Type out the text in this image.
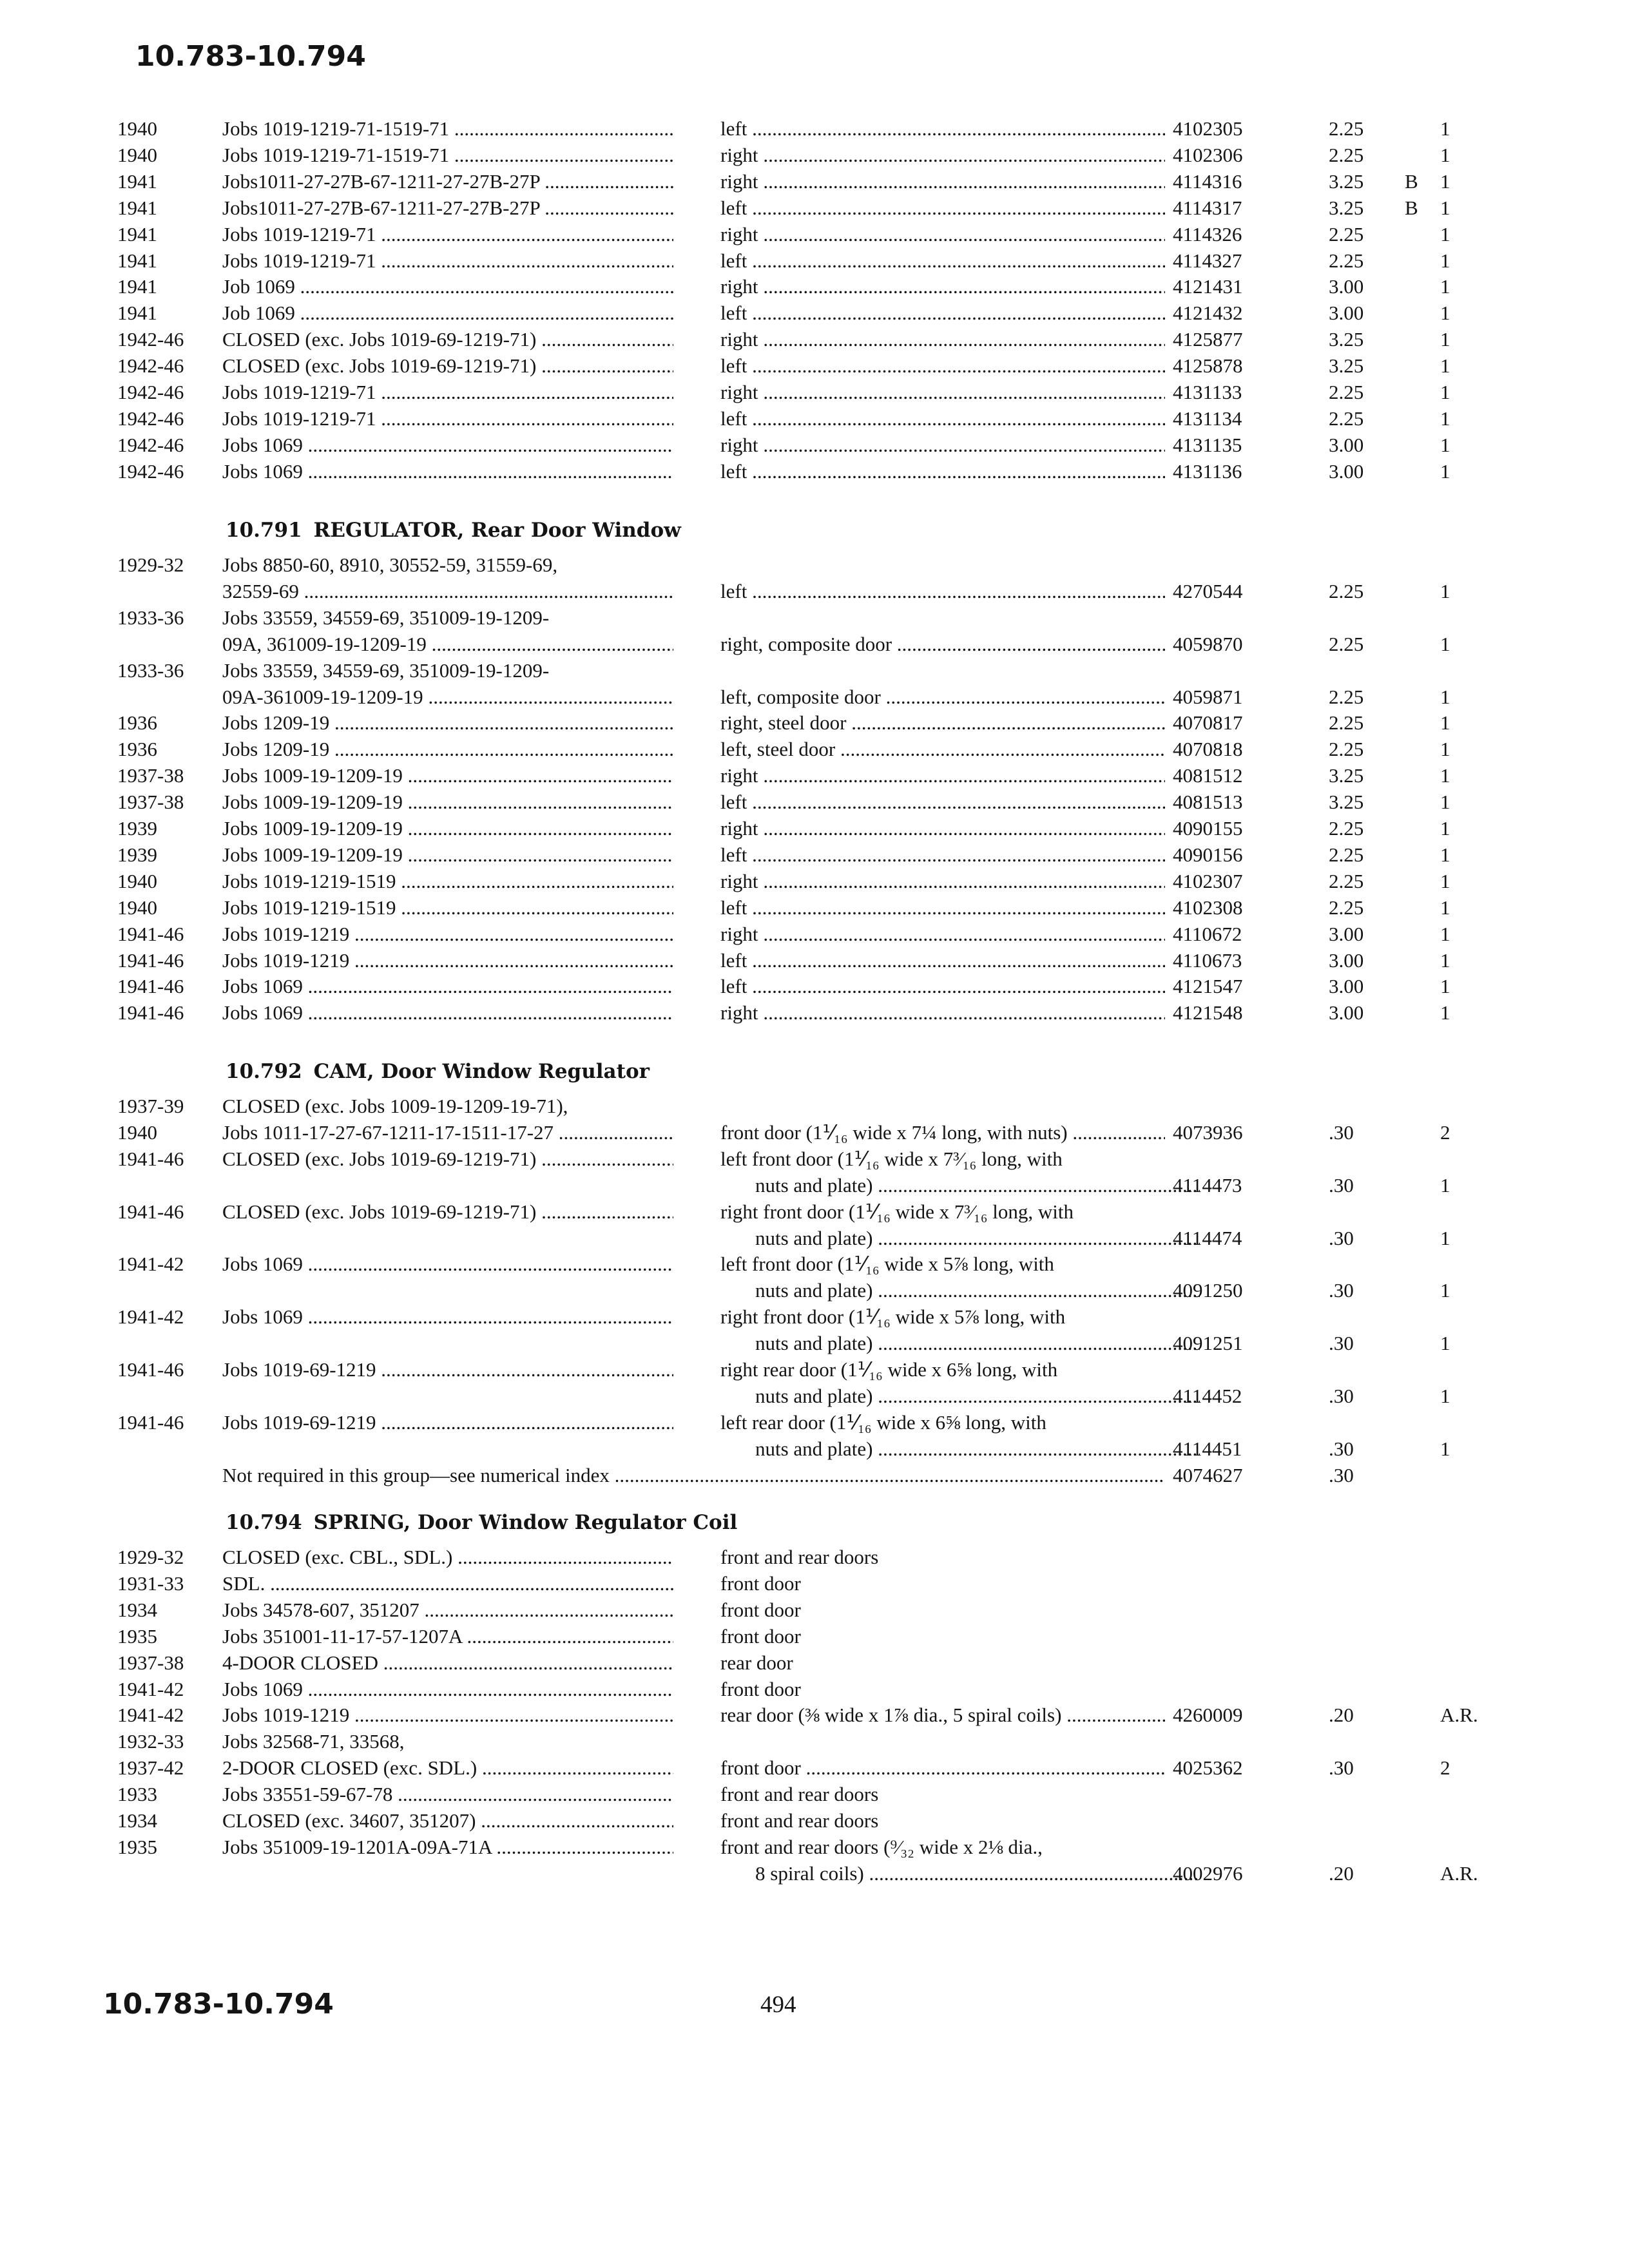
10.783-10.794
1940	Jobs 1019-1219-71-1519-71 .....	left .....	4102305	2.25	1
1940	Jobs 1019-1219-71-1519-71 .....	right .....	4102306	2.25	1
1941	Jobs1011-27-27B-67-1211-27-27B-27P .....	right .....	4114316	3.25 B 1
1941	Jobs1011-27-27B-67-1211-27-27B-27P .....	left .....	4114317	3.25 B 1
1941	Jobs 1019-1219-71 .....	right .....	4114326	2.25	1
1941	Jobs 1019-1219-71 .....	left .....	4114327	2.25	1
1941	Job 1069 .....	right .....	4121431	3.00	1
1941	Job 1069 .....	left .....	4121432	3.00	1
1942-46 CLOSED (exc. Jobs 1019-69-1219-71) .....	right .....	4125877	3.25	1
1942-46 CLOSED (exc. Jobs 1019-69-1219-71) .....	left .....	4125878	3.25	1
1942-46 Jobs 1019-1219-71 .....	right .....	4131133	2.25	1
1942-46 Jobs 1019-1219-71 .....	left .....	4131134	2.25	1
1942-46 Jobs 1069 .....	right .....	4131135	3.00	1
1942-46 Jobs 1069 .....	left .....	4131136	3.00	1
10.791 REGULATOR, Rear Door Window
1929-32 Jobs 8850-60, 8910, 30552-59, 31559-69,
32559-69 .....	left .....	4270544	2.25	1
1933-36 Jobs 33559, 34559-69, 351009-19-1209-
09A, 361009-19-1209-19 .....	right, composite door .....	4059870	2.25	1
1933-36 Jobs 33559, 34559-69, 351009-19-1209-
09A-361009-19-1209-19 .....	left, composite door .....	4059871	2.25	1
1936	Jobs 1209-19 .....	right, steel door .....	4070817	2.25	1
1936	Jobs 1209-19 .....	left, steel door .....	4070818	2.25	1
1937-38 Jobs 1009-19-1209-19 .....	right .....	4081512	3.25	1
1937-38 Jobs 1009-19-1209-19 .....	left .....	4081513	3.25	1
1939	Jobs 1009-19-1209-19 .....	right .....	4090155	2.25	1
1939	Jobs 1009-19-1209-19 .....	left .....	4090156	2.25	1
1940	Jobs 1019-1219-1519 .....	right .....	4102307	2.25	1
1940	Jobs 1019-1219-1519 .....	left .....	4102308	2.25	1
1941-46 Jobs 1019-1219 .....	right .....	4110672	3.00	1
1941-46 Jobs 1019-1219 .....	left .....	4110673	3.00	1
1941-46 Jobs 1069 .....	left .....	4121547	3.00	1
1941-46 Jobs 1069 .....	right .....	4121548	3.00	1
10.792 CAM, Door Window Regulator
1937-39 CLOSED (exc. Jobs 1009-19-1209-19-71),
1940	Jobs 1011-17-27-67-1211-17-1511-17-27 .....	front door (1⅟₁₆ wide x 7¼ long, with nuts) .....	4073936	.30	2
1941-46 CLOSED (exc. Jobs 1019-69-1219-71) .....	left front door (1⅟₁₆ wide x 7³⁄₁₆ long, with
nuts and plate) .....	4114473	.30	1
1941-46 CLOSED (exc. Jobs 1019-69-1219-71) .....	right front door (1⅟₁₆ wide x 7³⁄₁₆ long, with
nuts and plate) .....	4114474	.30	1
1941-42 Jobs 1069 .....	left front door (1⅟₁₆ wide x 5⅞ long, with
nuts and plate) .....	4091250	.30	1
1941-42 Jobs 1069 .....	right front door (1⅟₁₆ wide x 5⅞ long, with
nuts and plate) .....	4091251	.30	1
1941-46 Jobs 1019-69-1219 .....	right rear door (1⅟₁₆ wide x 6⅝ long, with
nuts and plate) .....	4114452	.30	1
1941-46 Jobs 1019-69-1219 .....	left rear door (1⅟₁₆ wide x 6⅝ long, with
nuts and plate) .....	4114451	.30	1
Not required in this group—see numerical index .....	4074627	.30
10.794 SPRING, Door Window Regulator Coil
1929-32 CLOSED (exc. CBL., SDL.) .....	front and rear doors
1931-33 SDL. .....	front door
1934	Jobs 34578-607, 351207 .....	front door
1935	Jobs 351001-11-17-57-1207A .....	front door
1937-38 4-DOOR CLOSED .....	rear door
1941-42 Jobs 1069 .....	front door
1941-42 Jobs 1019-1219 .....	rear door (⅜ wide x 1⅞ dia., 5 spiral coils) .....	4260009	.20	A.R.
1932-33 Jobs 32568-71, 33568,
1937-42 2-DOOR CLOSED (exc. SDL.) .....	front door .....	4025362	.30	2
1933	Jobs 33551-59-67-78 .....	front and rear doors
1934	CLOSED (exc. 34607, 351207) .....	front and rear doors
1935	Jobs 351009-19-1201A-09A-71A .....	front and rear doors (⁹⁄₃₂ wide x 2⅛ dia.,
8 spiral coils) .....	4002976	.20	A.R.
10.783-10.794	494
